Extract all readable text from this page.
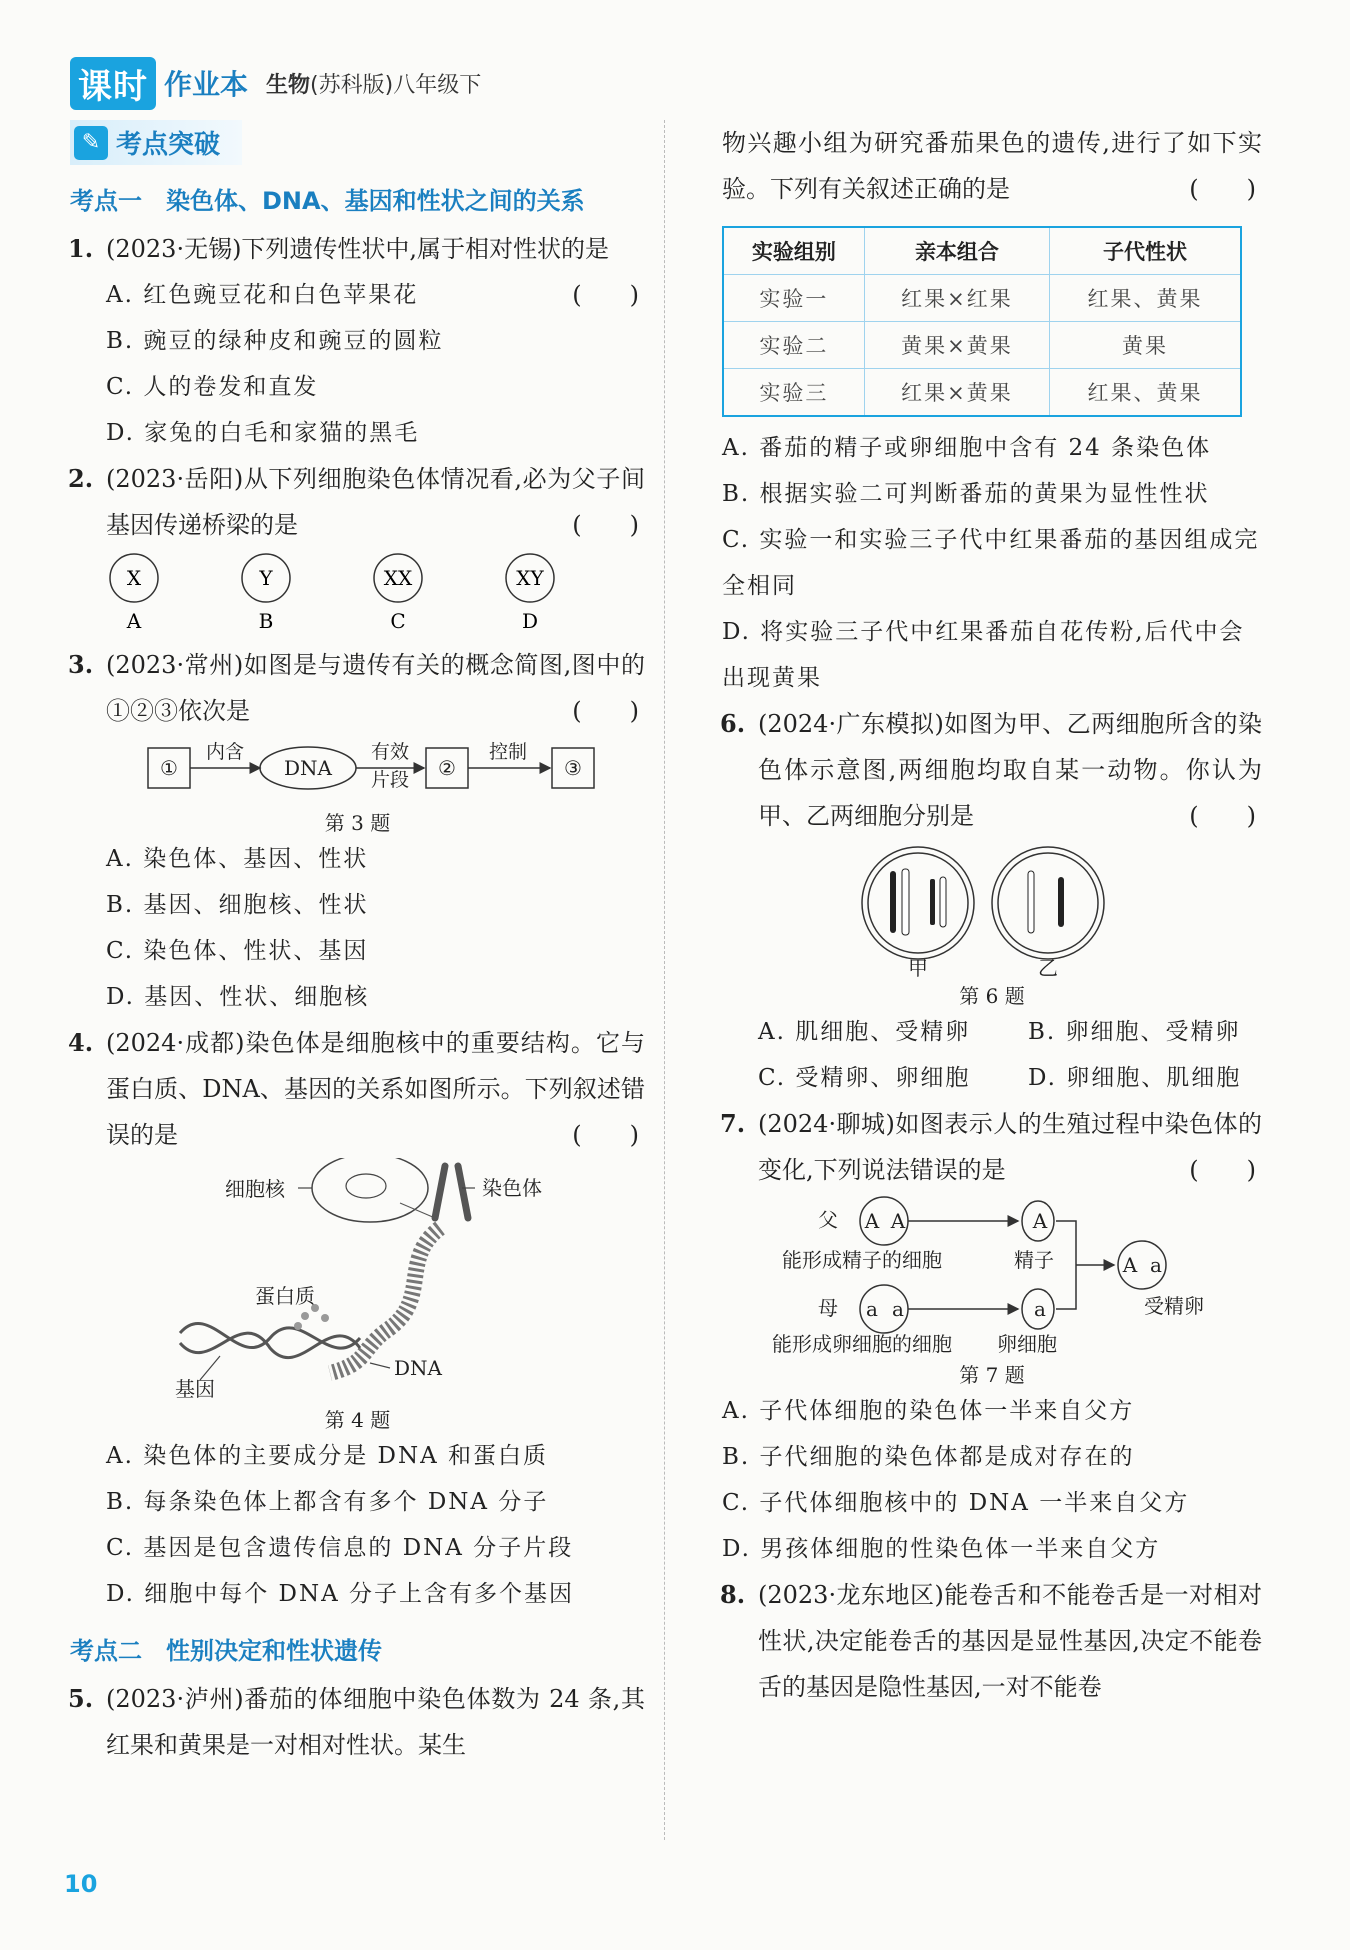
课时 作业本 生物(苏科版)八年级下
✎ 考点突破
考点一　染色体、DNA、基因和性状之间的关系
1. (2023·无锡)下列遗传性状中,属于相对性状的是
(　　)
A. 红色豌豆花和白色苹果花
B. 豌豆的绿种皮和豌豆的圆粒
C. 人的卷发和直发
D. 家兔的白毛和家猫的黑毛
2. (2023·岳阳)从下列细胞染色体情况看,必为父子间基因传递桥梁的是	(　　)
X
A
Y
B
XX
C
XY
D
3. (2023·常州)如图是与遗传有关的概念简图,图中的①②③依次是	(　　)
①
内含
DNA
有效
片段 ②
控制
③
第 3 题
A. 染色体、基因、性状
B. 基因、细胞核、性状
C. 染色体、性状、基因
D. 基因、性状、细胞核
4. (2024·成都)染色体是细胞核中的重要结构。它与蛋白质、DNA、基因的关系如图所示。下列叙述错误的是	(　　)
细胞核	染色体
蛋白质
基因
DNA
第 4 题
A. 染色体的主要成分是 DNA 和蛋白质
B. 每条染色体上都含有多个 DNA 分子
C. 基因是包含遗传信息的 DNA 分子片段
D. 细胞中每个 DNA 分子上含有多个基因
考点二　性别决定和性状遗传
5. (2023·泸州)番茄的体细胞中染色体数为 24 条,其红果和黄果是一对相对性状。某生
物兴趣小组为研究番茄果色的遗传,进行了如下实验。下列有关叙述正确的是	(　　)
实验组别	亲本组合	子代性状
实验一	红果×红果	红果、黄果
实验二	黄果×黄果	黄果
实验三	红果×黄果	红果、黄果
A. 番茄的精子或卵细胞中含有 24 条染色体
B. 根据实验二可判断番茄的黄果为显性性状
C. 实验一和实验三子代中红果番茄的基因组成完全相同
D. 将实验三子代中红果番茄自花传粉,后代中会出现黄果
6. (2024·广东模拟)如图为甲、乙两细胞所含的染色体示意图,两细胞均取自某一动物。你认为甲、乙两细胞分别是	(　　)
甲	乙
第 6 题
A. 肌细胞、受精卵	B. 卵细胞、受精卵
C. 受精卵、卵细胞	D. 卵细胞、肌细胞
7. (2024·聊城)如图表示人的生殖过程中染色体的变化,下列说法错误的是	(　　)
父 A A	A
能形成精子的细胞	精子
母 a a	a
能形成卵细胞的细胞 卵细胞
A a
受精卵
第 7 题
A. 子代体细胞的染色体一半来自父方
B. 子代细胞的染色体都是成对存在的
C. 子代体细胞核中的 DNA 一半来自父方
D. 男孩体细胞的性染色体一半来自父方
8. (2023·龙东地区)能卷舌和不能卷舌是一对相对性状,决定能卷舌的基因是显性基因,决定不能卷舌的基因是隐性基因,一对不能卷
10
